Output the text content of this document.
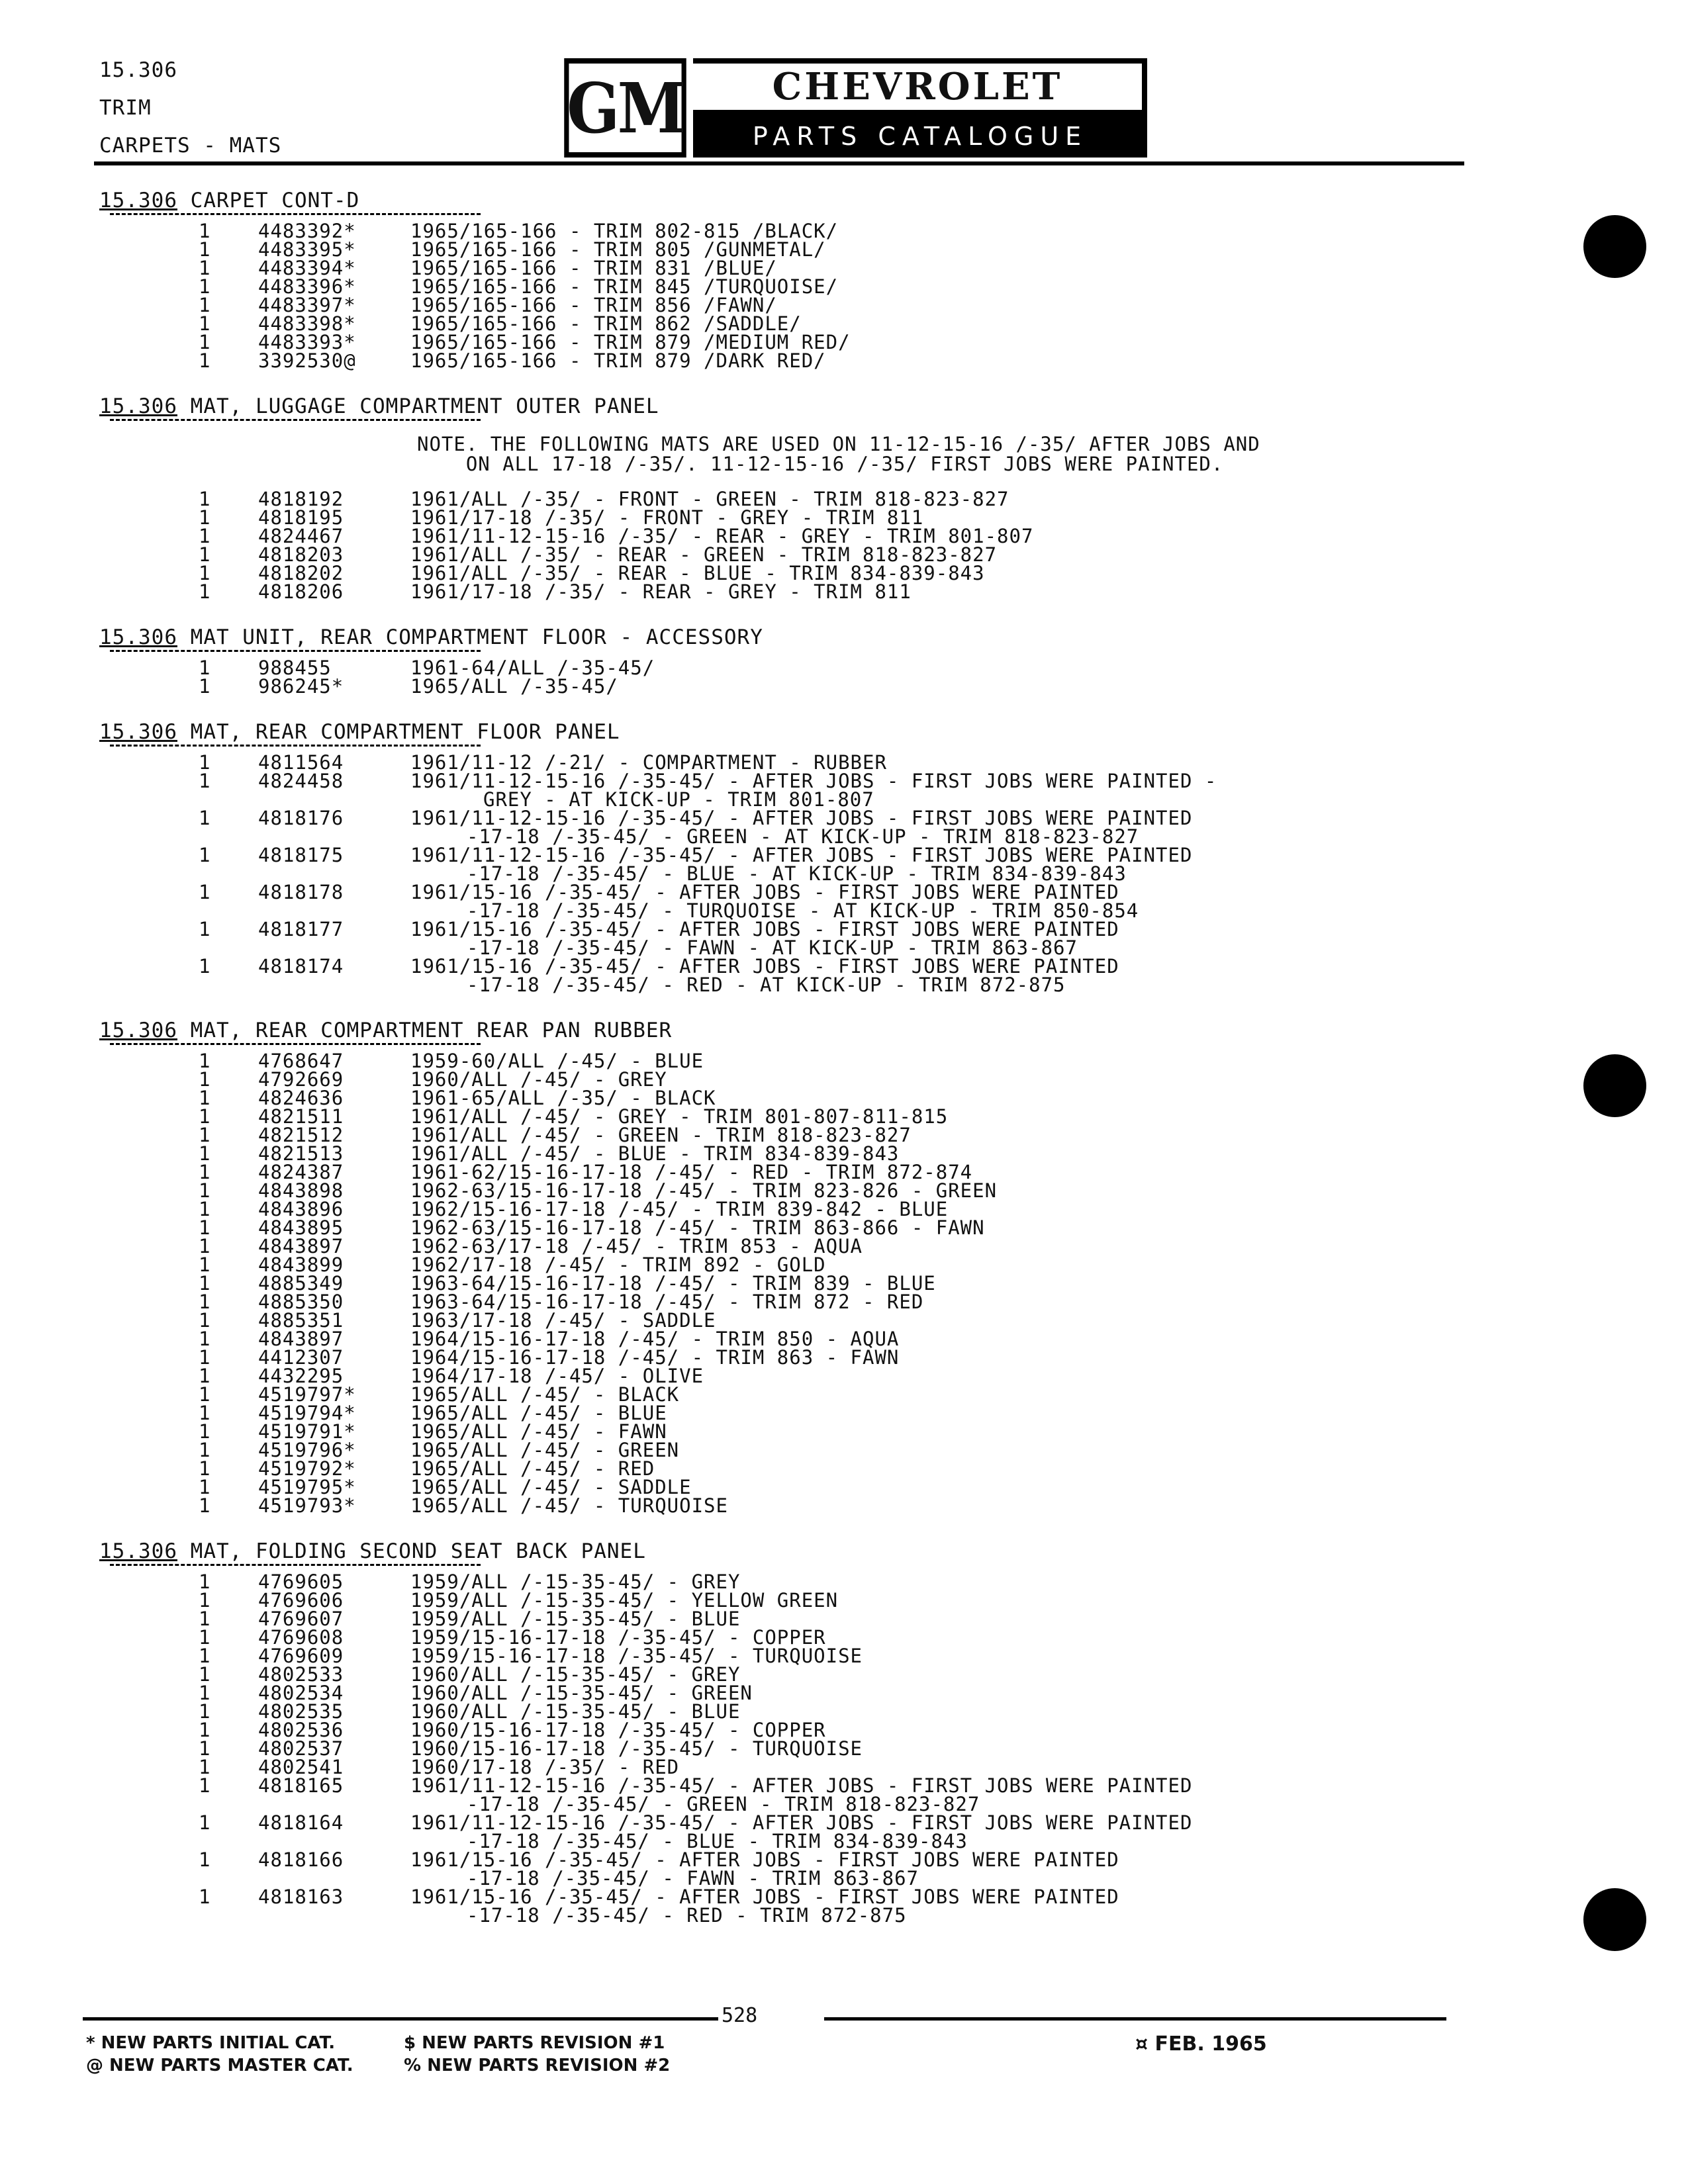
15.306
TRIM
CARPETS - MATS	GM	CHEVROLET
PARTS CATALOGUE
15.306 CARPET CONT-D
1	4483392*	1965/165-166 - TRIM 802-815 /BLACK/
1	4483395*	1965/165-166 - TRIM 805 /GUNMETAL/
1	4483394*	1965/165-166 - TRIM 831 /BLUE/
1	4483396*	1965/165-166 - TRIM 845 /TURQUOISE/
1	4483397*	1965/165-166 - TRIM 856 /FAWN/
1	4483398*	1965/165-166 - TRIM 862 /SADDLE/
1	4483393*	1965/165-166 - TRIM 879 /MEDIUM RED/
1	3392530@	1965/165-166 - TRIM 879 /DARK RED/
15.306 MAT, LUGGAGE COMPARTMENT OUTER PANEL
NOTE. THE FOLLOWING MATS ARE USED ON 11-12-15-16 /-35/ AFTER JOBS AND
ON ALL 17-18 /-35/. 11-12-15-16 /-35/ FIRST JOBS WERE PAINTED.
1	4818192	1961/ALL /-35/ - FRONT - GREEN - TRIM 818-823-827
1	4818195	1961/17-18 /-35/ - FRONT - GREY - TRIM 811
1	4824467	1961/11-12-15-16 /-35/ - REAR - GREY - TRIM 801-807
1	4818203	1961/ALL /-35/ - REAR - GREEN - TRIM 818-823-827
1	4818202	1961/ALL /-35/ - REAR - BLUE - TRIM 834-839-843
1	4818206	1961/17-18 /-35/ - REAR - GREY - TRIM 811
15.306 MAT UNIT, REAR COMPARTMENT FLOOR - ACCESSORY
1	988455	1961-64/ALL /-35-45/
1	986245*	1965/ALL /-35-45/
15.306 MAT, REAR COMPARTMENT FLOOR PANEL
1	4811564	1961/11-12 /-21/ - COMPARTMENT - RUBBER
1	4824458	1961/11-12-15-16 /-35-45/ - AFTER JOBS - FIRST JOBS WERE PAINTED -
GREY - AT KICK-UP - TRIM 801-807
1	4818176	1961/11-12-15-16 /-35-45/ - AFTER JOBS - FIRST JOBS WERE PAINTED
-17-18 /-35-45/ - GREEN - AT KICK-UP - TRIM 818-823-827
1	4818175	1961/11-12-15-16 /-35-45/ - AFTER JOBS - FIRST JOBS WERE PAINTED
-17-18 /-35-45/ - BLUE - AT KICK-UP - TRIM 834-839-843
1	4818178	1961/15-16 /-35-45/ - AFTER JOBS - FIRST JOBS WERE PAINTED
-17-18 /-35-45/ - TURQUOISE - AT KICK-UP - TRIM 850-854
1	4818177	1961/15-16 /-35-45/ - AFTER JOBS - FIRST JOBS WERE PAINTED
-17-18 /-35-45/ - FAWN - AT KICK-UP - TRIM 863-867
1	4818174	1961/15-16 /-35-45/ - AFTER JOBS - FIRST JOBS WERE PAINTED
-17-18 /-35-45/ - RED - AT KICK-UP - TRIM 872-875
15.306 MAT, REAR COMPARTMENT REAR PAN RUBBER
1	4768647	1959-60/ALL /-45/ - BLUE
1	4792669	1960/ALL /-45/ - GREY
1	4824636	1961-65/ALL /-35/ - BLACK
1	4821511	1961/ALL /-45/ - GREY - TRIM 801-807-811-815
1	4821512	1961/ALL /-45/ - GREEN - TRIM 818-823-827
1	4821513	1961/ALL /-45/ - BLUE - TRIM 834-839-843
1	4824387	1961-62/15-16-17-18 /-45/ - RED - TRIM 872-874
1	4843898	1962-63/15-16-17-18 /-45/ - TRIM 823-826 - GREEN
1	4843896	1962/15-16-17-18 /-45/ - TRIM 839-842 - BLUE
1	4843895	1962-63/15-16-17-18 /-45/ - TRIM 863-866 - FAWN
1	4843897	1962-63/17-18 /-45/ - TRIM 853 - AQUA
1	4843899	1962/17-18 /-45/ - TRIM 892 - GOLD
1	4885349	1963-64/15-16-17-18 /-45/ - TRIM 839 - BLUE
1	4885350	1963-64/15-16-17-18 /-45/ - TRIM 872 - RED
1	4885351	1963/17-18 /-45/ - SADDLE
1	4843897	1964/15-16-17-18 /-45/ - TRIM 850 - AQUA
1	4412307	1964/15-16-17-18 /-45/ - TRIM 863 - FAWN
1	4432295	1964/17-18 /-45/ - OLIVE
1	4519797*	1965/ALL /-45/ - BLACK
1	4519794*	1965/ALL /-45/ - BLUE
1	4519791*	1965/ALL /-45/ - FAWN
1	4519796*	1965/ALL /-45/ - GREEN
1	4519792*	1965/ALL /-45/ - RED
1	4519795*	1965/ALL /-45/ - SADDLE
1	4519793*	1965/ALL /-45/ - TURQUOISE
15.306 MAT, FOLDING SECOND SEAT BACK PANEL
1	4769605	1959/ALL /-15-35-45/ - GREY
1	4769606	1959/ALL /-15-35-45/ - YELLOW GREEN
1	4769607	1959/ALL /-15-35-45/ - BLUE
1	4769608	1959/15-16-17-18 /-35-45/ - COPPER
1	4769609	1959/15-16-17-18 /-35-45/ - TURQUOISE
1	4802533	1960/ALL /-15-35-45/ - GREY
1	4802534	1960/ALL /-15-35-45/ - GREEN
1	4802535	1960/ALL /-15-35-45/ - BLUE
1	4802536	1960/15-16-17-18 /-35-45/ - COPPER
1	4802537	1960/15-16-17-18 /-35-45/ - TURQUOISE
1	4802541	1960/17-18 /-35/ - RED
1	4818165	1961/11-12-15-16 /-35-45/ - AFTER JOBS - FIRST JOBS WERE PAINTED
-17-18 /-35-45/ - GREEN - TRIM 818-823-827
1	4818164	1961/11-12-15-16 /-35-45/ - AFTER JOBS - FIRST JOBS WERE PAINTED
-17-18 /-35-45/ - BLUE - TRIM 834-839-843
1	4818166	1961/15-16 /-35-45/ - AFTER JOBS - FIRST JOBS WERE PAINTED
-17-18 /-35-45/ - FAWN - TRIM 863-867
1	4818163	1961/15-16 /-35-45/ - AFTER JOBS - FIRST JOBS WERE PAINTED
-17-18 /-35-45/ - RED - TRIM 872-875
528
* NEW PARTS INITIAL CAT.
@ NEW PARTS MASTER CAT.
$ NEW PARTS REVISION #1
% NEW PARTS REVISION #2
¤ FEB. 1965
